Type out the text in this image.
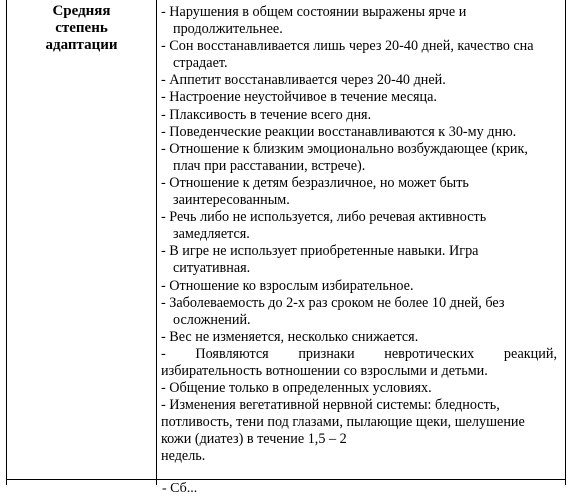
Средняя
степень
адаптации
- Нарушения в общем состоянии выражены ярче и
продолжительнее.
- Сон восстанавливается лишь через 20-40 дней, качество сна
страдает.
- Аппетит восстанавливается через 20-40 дней.
- Настроение неустойчивое в течение месяца.
- Плаксивость в течение всего дня.
- Поведенческие реакции восстанавливаются к 30-му дню.
- Отношение к близким эмоционально возбуждающее (крик,
плач при расставании, встрече).
- Отношение к детям безразличное, но может быть
заинтересованным.
- Речь либо не используется, либо речевая активность
замедляется.
- В игре не использует приобретенные навыки. Игра
ситуативная.
- Отношение ко взрослым избирательное.
- Заболеваемость до 2-х раз сроком не более 10 дней, без
осложнений.
- Вес не изменяется, несколько снижается.
- Появляются признаки невротических реакций,
избирательность вотношении со взрослыми и детьми.
- Общение только в определенных условиях.
- Изменения вегетативной нервной системы: бледность,
потливость, тени под глазами, пылающие щеки, шелушение
кожи (диатез) в течение 1,5 – 2
недель.
- Сб...
